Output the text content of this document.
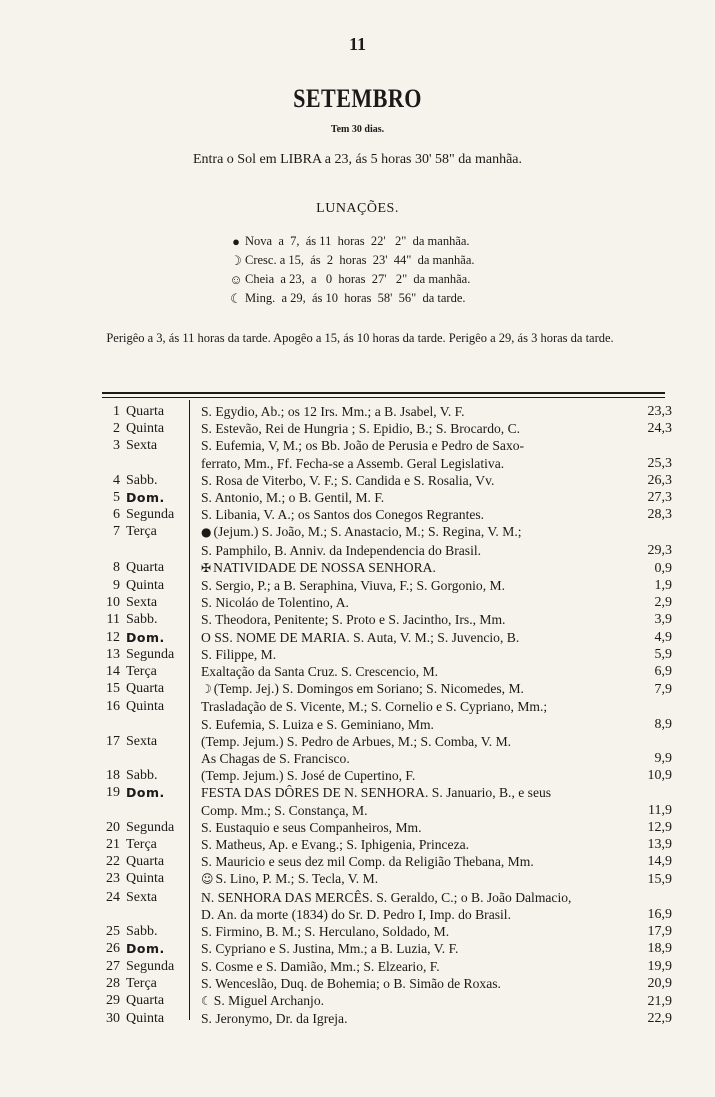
11
SETEMBRO
Tem 30 dias.
Entra o Sol em LIBRA a 23, ás 5 horas 30' 58" da manhãa.
LUNAÇÕES.
● Nova  a  7,  ás 11  horas  22'   2"  da manhãa.
☽ Cresc. a 15,  ás  2  horas  23'  44"  da manhãa.
☺ Cheia  a 23,  a   0  horas  27'   2"  da manhãa.
☾ Ming.  a 29,  ás 10  horas  58'  56"  da tarde.
Perigêo a 3, ás 11 horas da tarde. Apogêo a 15, ás 10 horas da tarde. Perigêo a 29, ás 3 horas da tarde.
1 Quarta	S. Egydio, Ab.; os 12 Irs. Mm.; a B. Jsabel, V. F.	23,3
2 Quinta	S. Estevão, Rei de Hungria ; S. Epidio, B.; S. Brocardo, C.	24,3
3 Sexta	S. Eufemia, V, M.; os Bb. João de Perusia e Pedro de Saxo-
ferrato, Mm., Ff. Fecha-se a Assemb. Geral Legislativa.	25,3
4 Sabb.	S. Rosa de Viterbo, V. F.; S. Candida e S. Rosalia, Vv.	26,3
5 Dom.	S. Antonio, M.; o B. Gentil, M. F.	27,3
6 Segunda	S. Libania, V. A.; os Santos dos Conegos Regrantes.	28,3
7 Terça	● (Jejum.) S. João, M.; S. Anastacio, M.; S. Regina, V. M.;
S. Pamphilo, B. Anniv. da Independencia do Brasil.	29,3
8 Quarta	✠ NATIVIDADE DE NOSSA SENHORA.	0,9
9 Quinta	S. Sergio, P.; a B. Seraphina, Viuva, F.; S. Gorgonio, M.	1,9
10 Sexta	S. Nicoláo de Tolentino, A.	2,9
11 Sabb.	S. Theodora, Penitente; S. Proto e S. Jacintho, Irs., Mm.	3,9
12 Dom.	O SS. NOME DE MARIA. S. Auta, V. M.; S. Juvencio, B.	4,9
13 Segunda	S. Filippe, M.	5,9
14 Terça	Exaltação da Santa Cruz. S. Crescencio, M.	6,9
15 Quarta	☽ (Temp. Jej.) S. Domingos em Soriano; S. Nicomedes, M.	7,9
16 Quinta	Trasladação de S. Vicente, M.; S. Cornelio e S. Cypriano, Mm.;
S. Eufemia, S. Luiza e S. Geminiano, Mm.	8,9
17 Sexta	(Temp. Jejum.) S. Pedro de Arbues, M.; S. Comba, V. M.
As Chagas de S. Francisco.	9,9
18 Sabb.	(Temp. Jejum.) S. José de Cupertino, F.	10,9
19 Dom.	FESTA DAS DÔRES DE N. SENHORA. S. Januario, B., e seus
Comp. Mm.; S. Constança, M.	11,9
20 Segunda	S. Eustaquio e seus Companheiros, Mm.	12,9
21 Terça	S. Matheus, Ap. e Evang.; S. Iphigenia, Princeza.	13,9
22 Quarta	S. Mauricio e seus dez mil Comp. da Religião Thebana, Mm.	14,9
23 Quinta	☺ S. Lino, P. M.; S. Tecla, V. M.	15,9
24 Sexta	N. SENHORA DAS MERCÊS. S. Geraldo, C.; o B. João Dalmacio,
D. An. da morte (1834) do Sr. D. Pedro I, Imp. do Brasil.	16,9
25 Sabb.	S. Firmino, B. M.; S. Herculano, Soldado, M.	17,9
26 Dom.	S. Cypriano e S. Justina, Mm.; a B. Luzia, V. F.	18,9
27 Segunda	S. Cosme e S. Damião, Mm.; S. Elzeario, F.	19,9
28 Terça	S. Wenceslão, Duq. de Bohemia; o B. Simão de Roxas.	20,9
29 Quarta	☾ S. Miguel Archanjo.	21,9
30 Quinta	S. Jeronymo, Dr. da Igreja.	22,9
